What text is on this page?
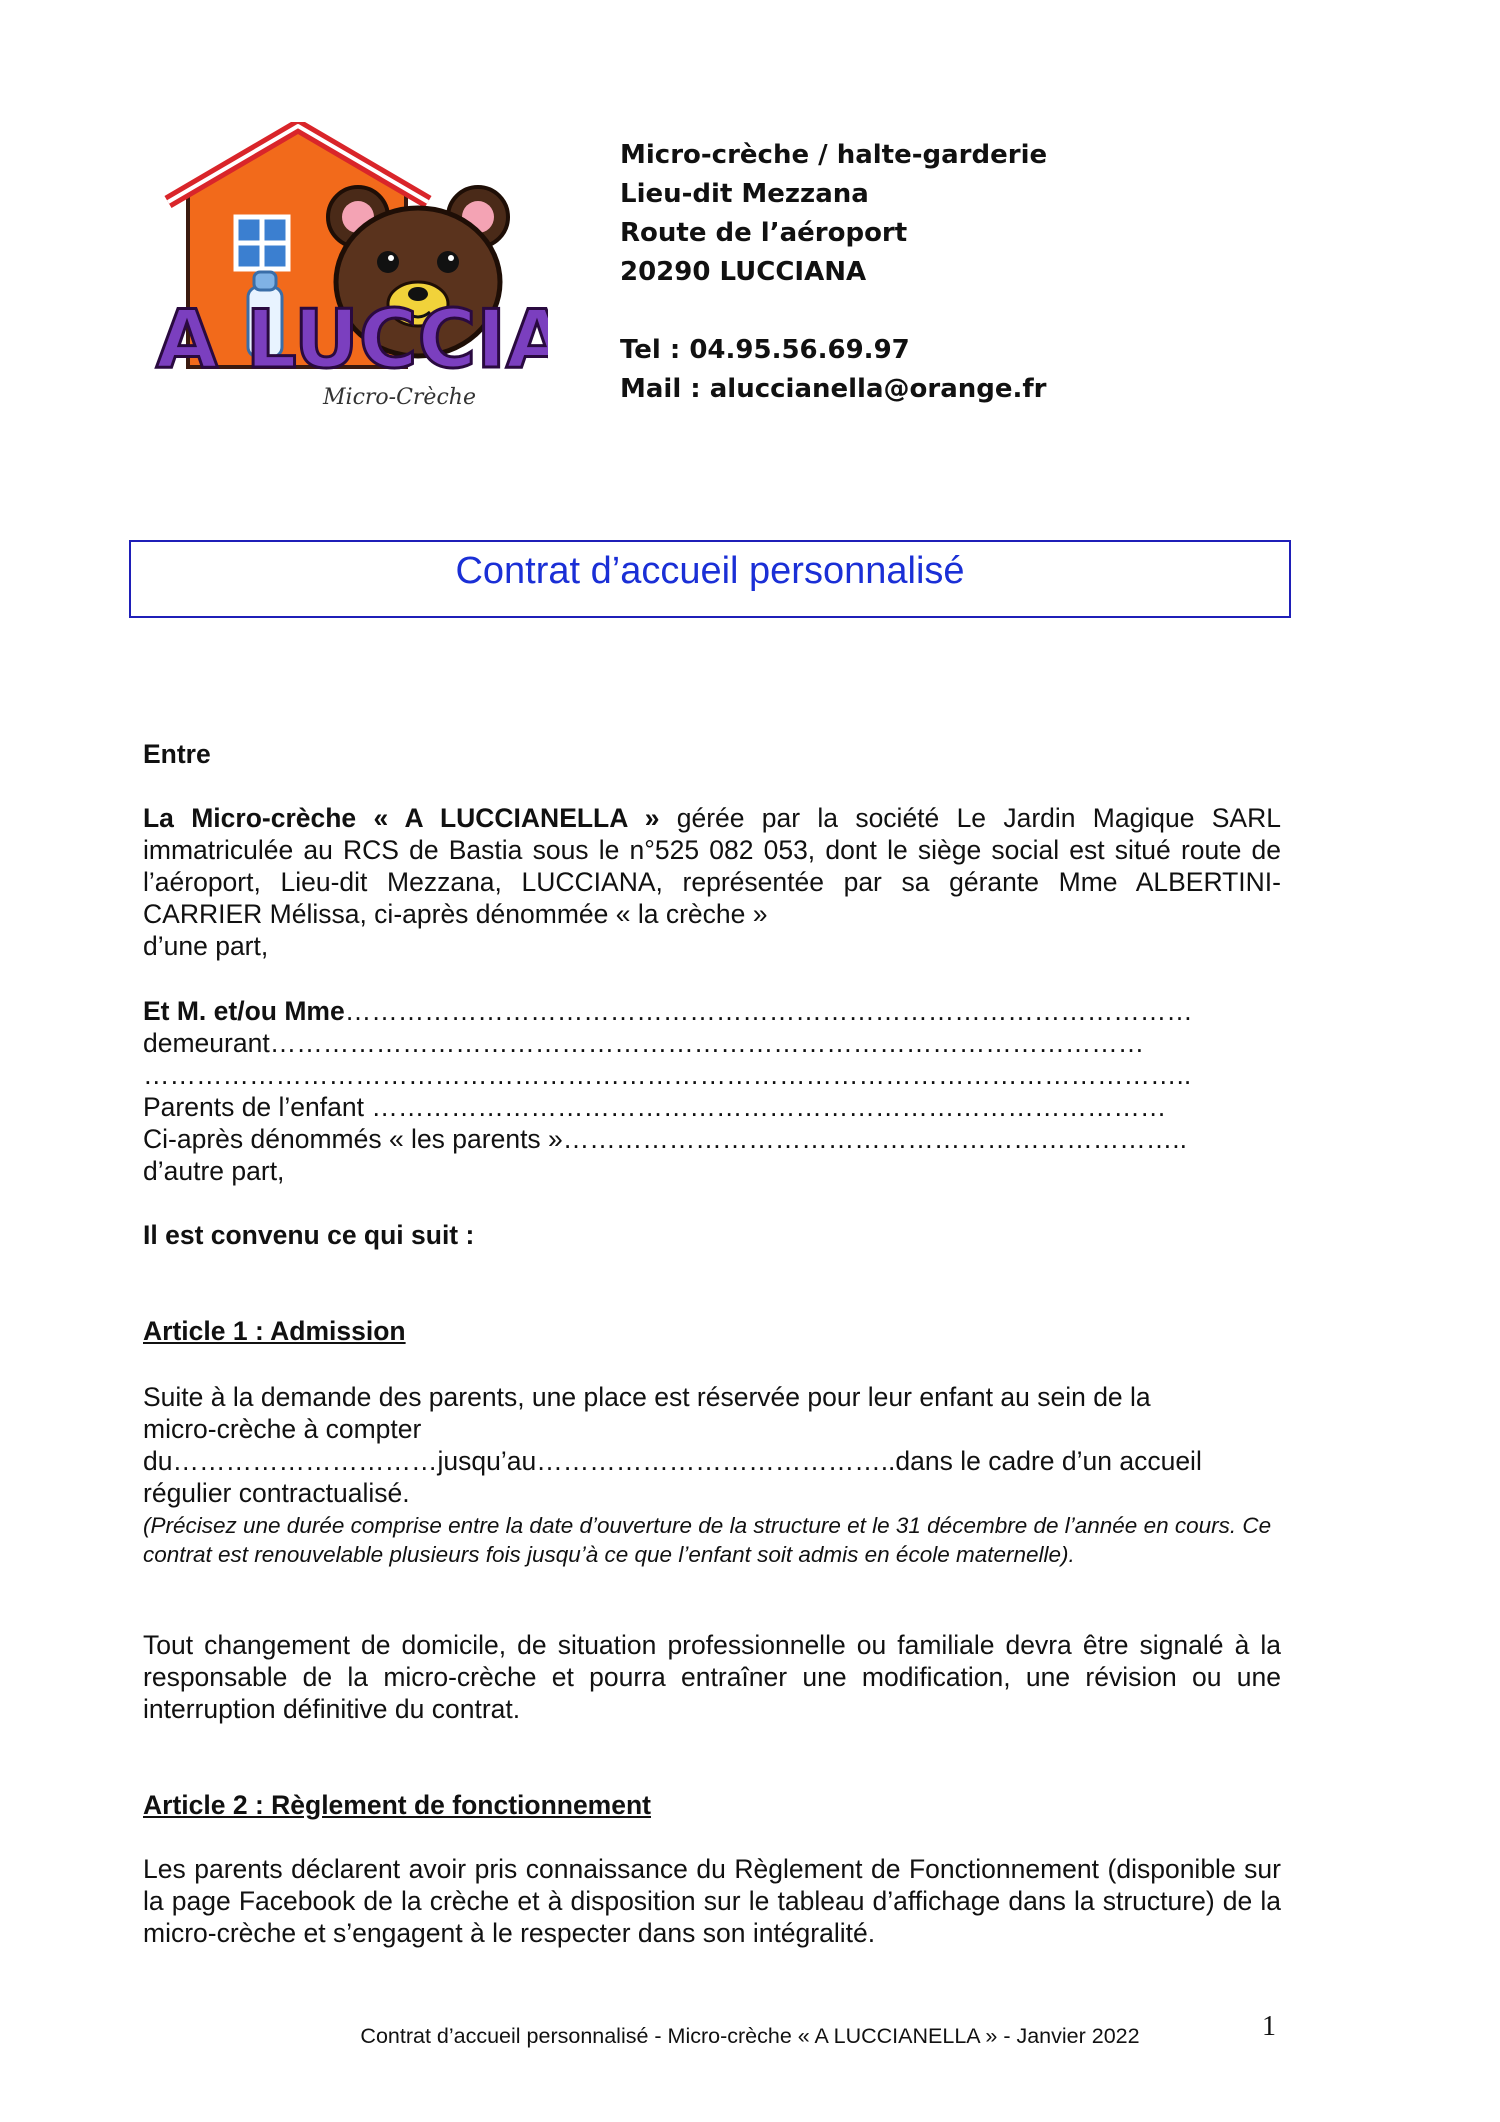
A LUCCIA
Micro-Crèche
Micro-crèche / halte-garderie
Lieu-dit Mezzana
Route de l’aéroport
20290 LUCCIANA
Tel : 04.95.56.69.97
Mail : aluccianella@orange.fr
Contrat d’accueil personnalisé
Entre
La Micro-crèche « A LUCCIANELLA » gérée par la société Le Jardin Magique SARL immatriculée au RCS de Bastia sous le n°525 082 053, dont le siège social est situé route de l’aéroport, Lieu-dit Mezzana, LUCCIANA, représentée par sa gérante Mme ALBERTINI-CARRIER Mélissa, ci-après dénommée « la crèche »
d’une part,
Et M. et/ou Mme……………………………………………………………………………………
demeurant………………………………………………………………………………………
………………………………………………………………………………………………………..
Parents de l’enfant ………………………………………………………………………………
Ci-après dénommés « les parents »……………………………………………………………..
d’autre part,
Il est convenu ce qui suit :
Article 1 : Admission
Suite à la demande des parents, une place est réservée pour leur enfant au sein de la
micro-crèche à compter
du…………………………jusqu’au…………………………………..dans le cadre d’un accueil
régulier contractualisé.
(Précisez une durée comprise entre la date d’ouverture de la structure et le 31 décembre de l’année en cours. Ce contrat est renouvelable plusieurs fois jusqu’à ce que l’enfant soit admis en école maternelle).
Tout changement de domicile, de situation professionnelle ou familiale devra être signalé à la responsable de la micro-crèche et pourra entraîner une modification, une révision ou une interruption définitive du contrat.
Article 2 : Règlement de fonctionnement
Les parents déclarent avoir pris connaissance du Règlement de Fonctionnement (disponible sur la page Facebook de la crèche et à disposition sur le tableau d’affichage dans la structure) de la micro-crèche et s’engagent à le respecter dans son intégralité.
Contrat d’accueil personnalisé - Micro-crèche « A LUCCIANELLA » - Janvier 2022	1
